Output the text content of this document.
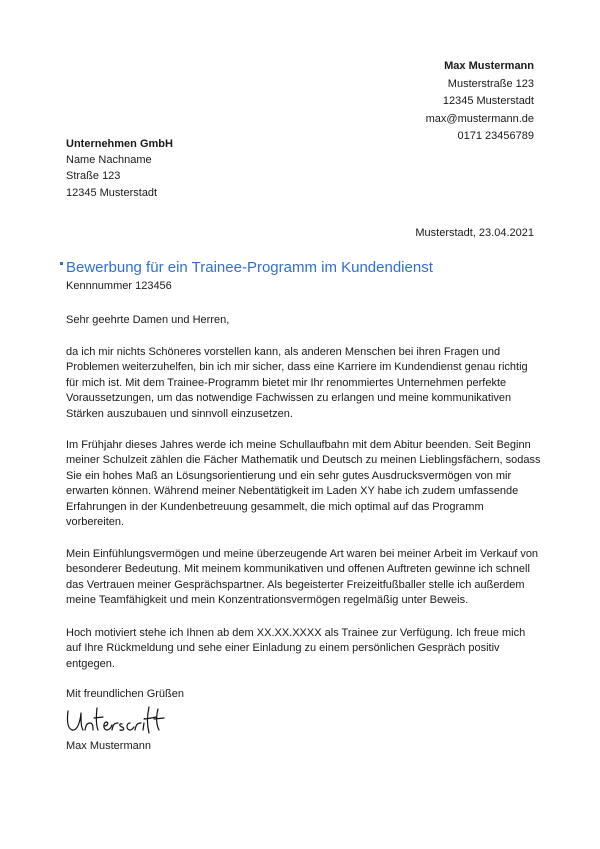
Max Mustermann
Musterstraße 123
12345 Musterstadt
max@mustermann.de
0171 23456789
Unternehmen GmbH
Name Nachname
Straße 123
12345 Musterstadt
Musterstadt, 23.04.2021
Bewerbung für ein Trainee-Programm im Kundendienst
Kennnummer 123456
Sehr geehrte Damen und Herren,

da ich mir nichts Schöneres vorstellen kann, als anderen Menschen bei ihren Fragen und Problemen weiterzuhelfen, bin ich mir sicher, dass eine Karriere im Kundendienst genau richtig für mich ist. Mit dem Trainee-Programm bietet mir Ihr renommiertes Unternehmen perfekte Voraussetzungen, um das notwendige Fachwissen zu erlangen und meine kommunikativen Stärken auszubauen und sinnvoll einzusetzen.

Im Frühjahr dieses Jahres werde ich meine Schullaufbahn mit dem Abitur beenden. Seit Beginn meiner Schulzeit zählen die Fächer Mathematik und Deutsch zu meinen Lieblingsfächern, sodass Sie ein hohes Maß an Lösungsorientierung und ein sehr gutes Ausdrucksvermögen von mir erwarten können. Während meiner Nebentätigkeit im Laden XY habe ich zudem umfassende Erfahrungen in der Kundenbetreuung gesammelt, die mich optimal auf das Programm vorbereiten.

Mein Einfühlungsvermögen und meine überzeugende Art waren bei meiner Arbeit im Verkauf von besonderer Bedeutung. Mit meinem kommunikativen und offenen Auftreten gewinne ich schnell das Vertrauen meiner Gesprächspartner. Als begeisterter Freizeitfußballer stelle ich außerdem meine Teamfähigkeit und mein Konzentrationsvermögen regelmäßig unter Beweis.

Hoch motiviert stehe ich Ihnen ab dem XX.XX.XXXX als Trainee zur Verfügung. Ich freue mich auf Ihre Rückmeldung und sehe einer Einladung zu einem persönlichen Gespräch positiv entgegen.

Mit freundlichen Grüßen
Max Mustermann
